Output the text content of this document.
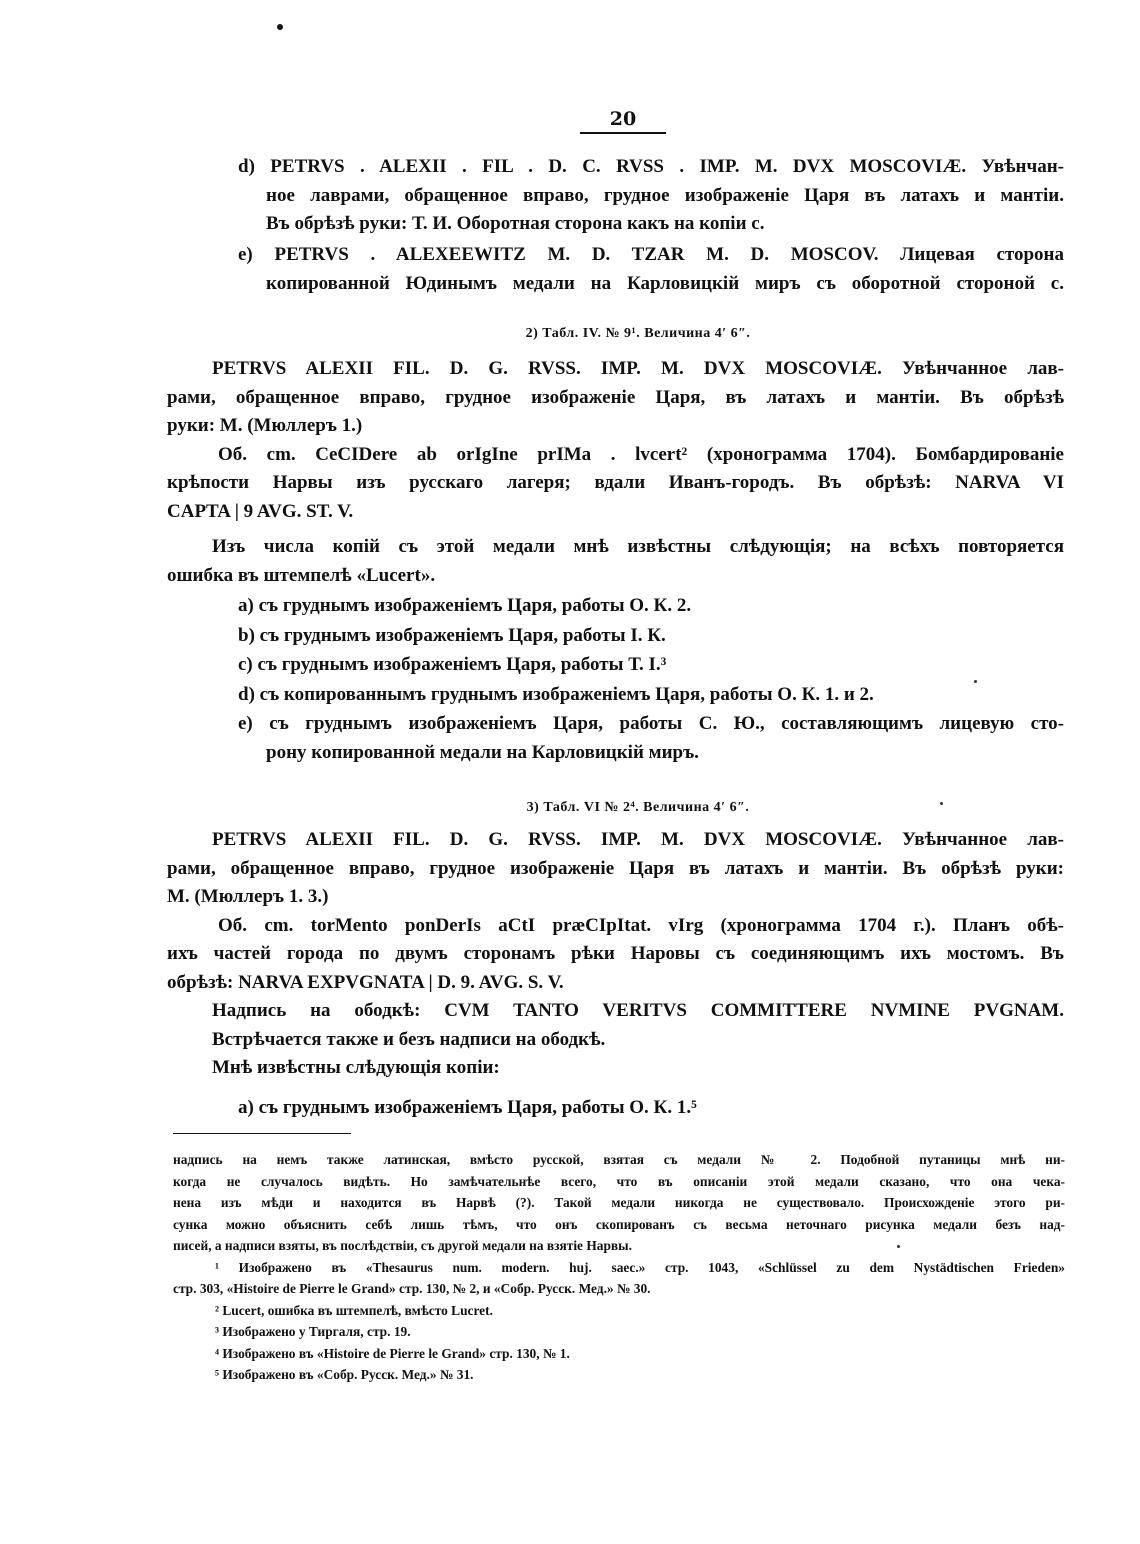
20
d) PETRVS . ALEXII . FIL . D. C. RVSS . IMP. M. DVX MOSCOVIÆ. Увѣнчан-
ное лаврами, обращенное вправо, грудное изображеніе Царя въ латахъ и мантіи.
Въ обрѣзѣ руки: Т. И. Оборотная сторона какъ на копіи c.
e) PETRVS . ALEXEEWITZ M. D. TZAR M. D. MOSCOV. Лицевая сторона
копированной Юдинымъ медали на Карловицкій миръ съ оборотной стороной c.
2) Табл. IV. № 9¹. Величина 4′ 6″.
PETRVS ALEXII FIL. D. G. RVSS. IMP. M. DVX MOSCOVIÆ. Увѣнчанное лав-
рами, обращенное вправо, грудное изображеніе Царя, въ латахъ и мантіи. Въ обрѣзѣ
руки: М. (Мюллеръ 1.)
Об. cm. CeCIDere ab orIgIne prIMa . lvcert² (хронограмма 1704). Бомбардированіе
крѣпости Нарвы изъ русскаго лагеря; вдали Иванъ-городъ. Въ обрѣзѣ: NARVA VI
CAPTA | 9 AVG. ST. V.
Изъ числа копій съ этой медали мнѣ извѣстны слѣдующія; на всѣхъ повторяется
ошибка въ штемпелѣ «Lucert».
a) съ груднымъ изображеніемъ Царя, работы О. К. 2.
b) съ груднымъ изображеніемъ Царя, работы І. К.
c) съ груднымъ изображеніемъ Царя, работы Т. І.³
d) съ копированнымъ груднымъ изображеніемъ Царя, работы О. К. 1. и 2.
e) съ груднымъ изображеніемъ Царя, работы С. Ю., составляющимъ лицевую сто-
рону копированной медали на Карловицкій миръ.
3) Табл. VI № 2⁴. Величина 4′ 6″.
PETRVS ALEXII FIL. D. G. RVSS. IMP. M. DVX MOSCOVIÆ. Увѣнчанное лав-
рами, обращенное вправо, грудное изображеніе Царя въ латахъ и мантіи. Въ обрѣзѣ руки:
М. (Мюллеръ 1. 3.)
Об. cm. torMento ponDerIs aCtI præCIpItat. vIrg (хронограмма 1704 г.). Планъ обѣ-
ихъ частей города по двумъ сторонамъ рѣки Наровы съ соединяющимъ ихъ мостомъ. Въ
обрѣзѣ: NARVA EXPVGNATA | D. 9. AVG. S. V.
Надпись на ободкѣ: CVM TANTO VERITVS COMMITTERE NVMINE PVGNAM.
Встрѣчается также и безъ надписи на ободкѣ.
Мнѣ извѣстны слѣдующія копіи:
a) съ груднымъ изображеніемъ Царя, работы О. К. 1.⁵
надпись на немъ также латинская, вмѣсто русской, взятая съ медали № 2. Подобной путаницы мнѣ ни-
когда не случалось видѣть. Но замѣчательнѣе всего, что въ описаніи этой медали сказано, что она чека-
нена изъ мѣди и находится въ Нарвѣ (?). Такой медали никогда не существовало. Происхожденіе этого ри-
сунка можно объяснить себѣ лишь тѣмъ, что онъ скопированъ съ весьма неточнаго рисунка медали безъ над-
писей, а надписи взяты, въ послѣдствіи, съ другой медали на взятіе Нарвы.
¹ Изображено въ «Thesaurus num. modern. huj. saec.» стр. 1043, «Schlüssel zu dem Nystädtischen Frieden»
стр. 303, «Histoire de Pierre le Grand» стр. 130, № 2, и «Собр. Русск. Мед.» № 30.
² Lucert, ошибка въ штемпелѣ, вмѣсто Lucret.
³ Изображено у Тиргаля, стр. 19.
⁴ Изображено въ «Histoire de Pierre le Grand» стр. 130, № 1.
⁵ Изображено въ «Собр. Русск. Мед.» № 31.
